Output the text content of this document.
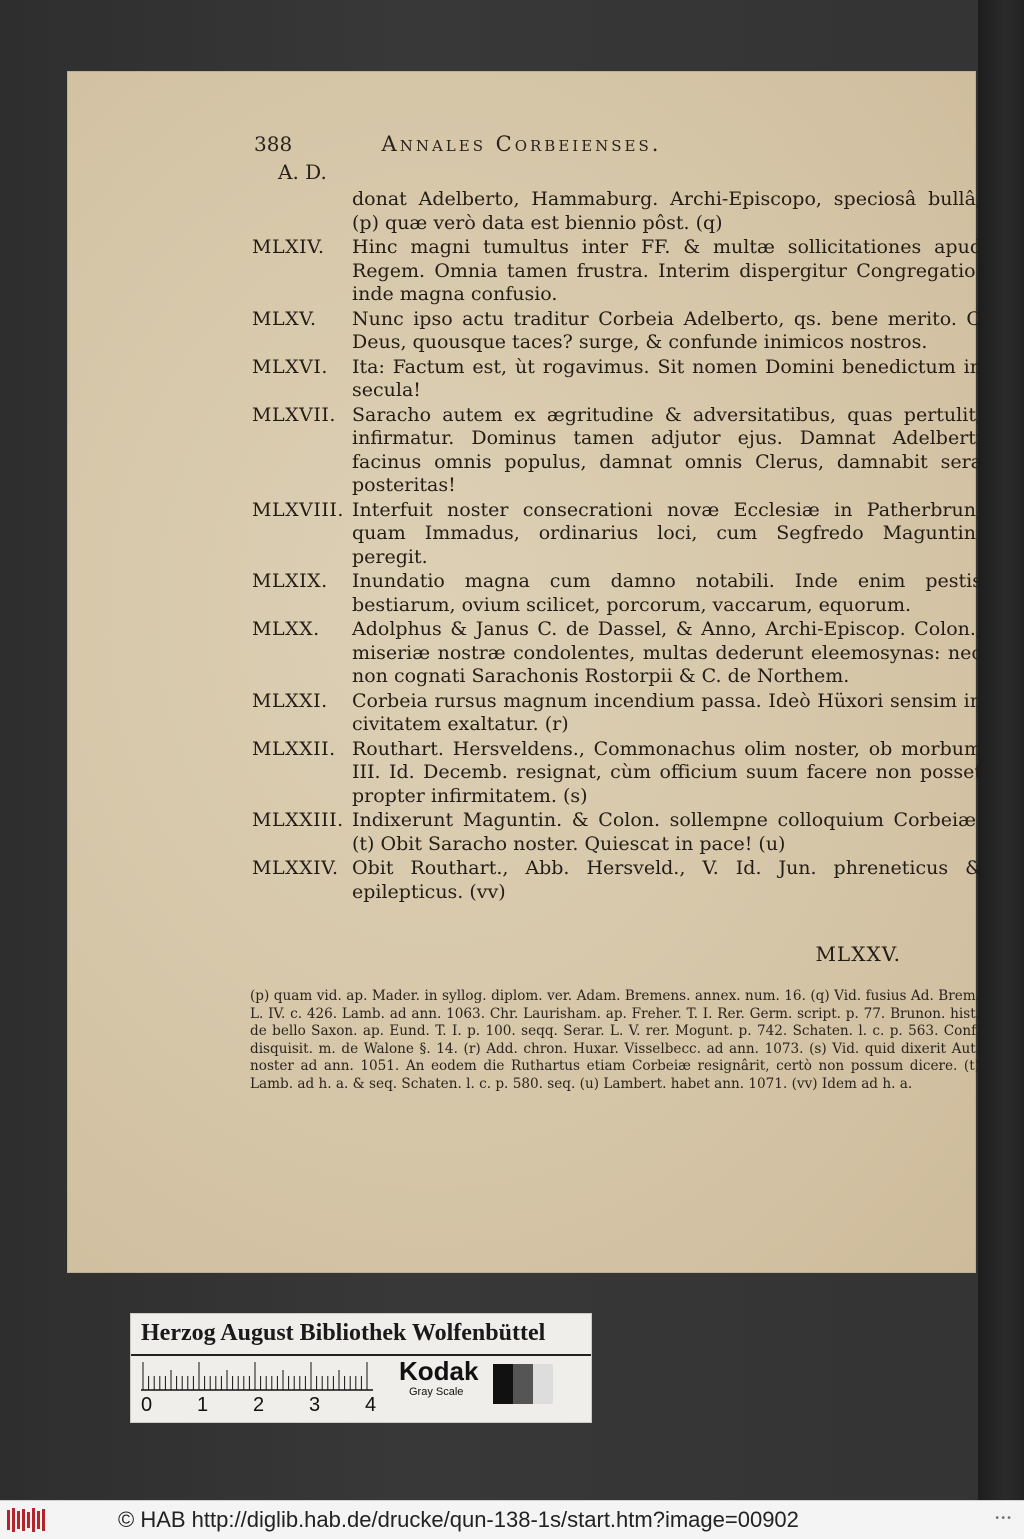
388	Annales Corbeienses.
A. D.
donat Adelberto, Hammaburg. Archi-Episcopo, speciosâ bullâ, (p) quæ verò data est biennio pôst. (q)
MLXIV.	Hinc magni tumultus inter FF. & multæ sollicitationes apud Regem. Omnia tamen frustra. Interim dispergitur Congregatio: inde magna confusio.
MLXV.	Nunc ipso actu traditur Corbeia Adelberto, qs. bene merito. O Deus, quousque taces? surge, & confunde inimicos nostros.
MLXVI.	Ita: Factum est, ùt rogavimus. Sit nomen Domini benedictum in secula!
MLXVII. Saracho autem ex ægritudine & adversitatibus, quas pertulit, infirmatur. Dominus tamen adjutor ejus. Damnat Adelberti facinus omnis populus, damnat omnis Clerus, damnabit sera posteritas!
MLXVIII. Interfuit noster consecrationi novæ Ecclesiæ in Patherbrun, quam Immadus, ordinarius loci, cum Segfredo Maguntin. peregit.
MLXIX.	Inundatio magna cum damno notabili. Inde enim pestis bestiarum, ovium scilicet, porcorum, vaccarum, equorum.
MLXX.	Adolphus & Janus C. de Dassel, & Anno, Archi-Episcop. Colon., miseriæ nostræ condolentes, multas dederunt eleemosynas: nec non cognati Sarachonis Rostorpii & C. de Northem.
MLXXI.	Corbeia rursus magnum incendium passa. Ideò Hüxori sensim in civitatem exaltatur. (r)
MLXXII. Routhart. Hersveldens., Commonachus olim noster, ob morbum III. Id. Decemb. resignat, cùm officium suum facere non posset propter infirmitatem. (s)
MLXXIII. Indixerunt Maguntin. & Colon. sollempne colloquium Corbeiæ. (t) Obit Saracho noster. Quiescat in pace! (u)
MLXXIV. Obit Routhart., Abb. Hersveld., V. Id. Jun. phreneticus & epilepticus. (vv)
MLXXV.

(p) quam vid. ap. Mader. in syllog. diplom. ver. Adam. Bremens. annex. num. 16. (q) Vid. fusius Ad. Brem. L. IV. c. 426. Lamb. ad ann. 1063. Chr. Laurisham. ap. Freher. T. I. Rer. Germ. script. p. 77. Brunon. hist. de bello Saxon. ap. Eund. T. I. p. 100. seqq. Serar. L. V. rer. Mogunt. p. 742. Schaten. l. c. p. 563. Conf. disquisit. m. de Walone §. 14. (r) Add. chron. Huxar. Visselbecc. ad ann. 1073. (s) Vid. quid dixerit Aut. noster ad ann. 1051. An eodem die Ruthartus etiam Corbeiæ resignârit, certò non possum dicere. (t) Lamb. ad h. a. & seq. Schaten. l. c. p. 580. seq. (u) Lambert. habet ann. 1071. (vv) Idem ad h. a.

Herzog August Bibliothek Wolfenbüttel
0 1 2 3 4
Kodak
Gray Scale
© HAB http://diglib.hab.de/drucke/qun-138-1s/start.htm?image=00902	•••
